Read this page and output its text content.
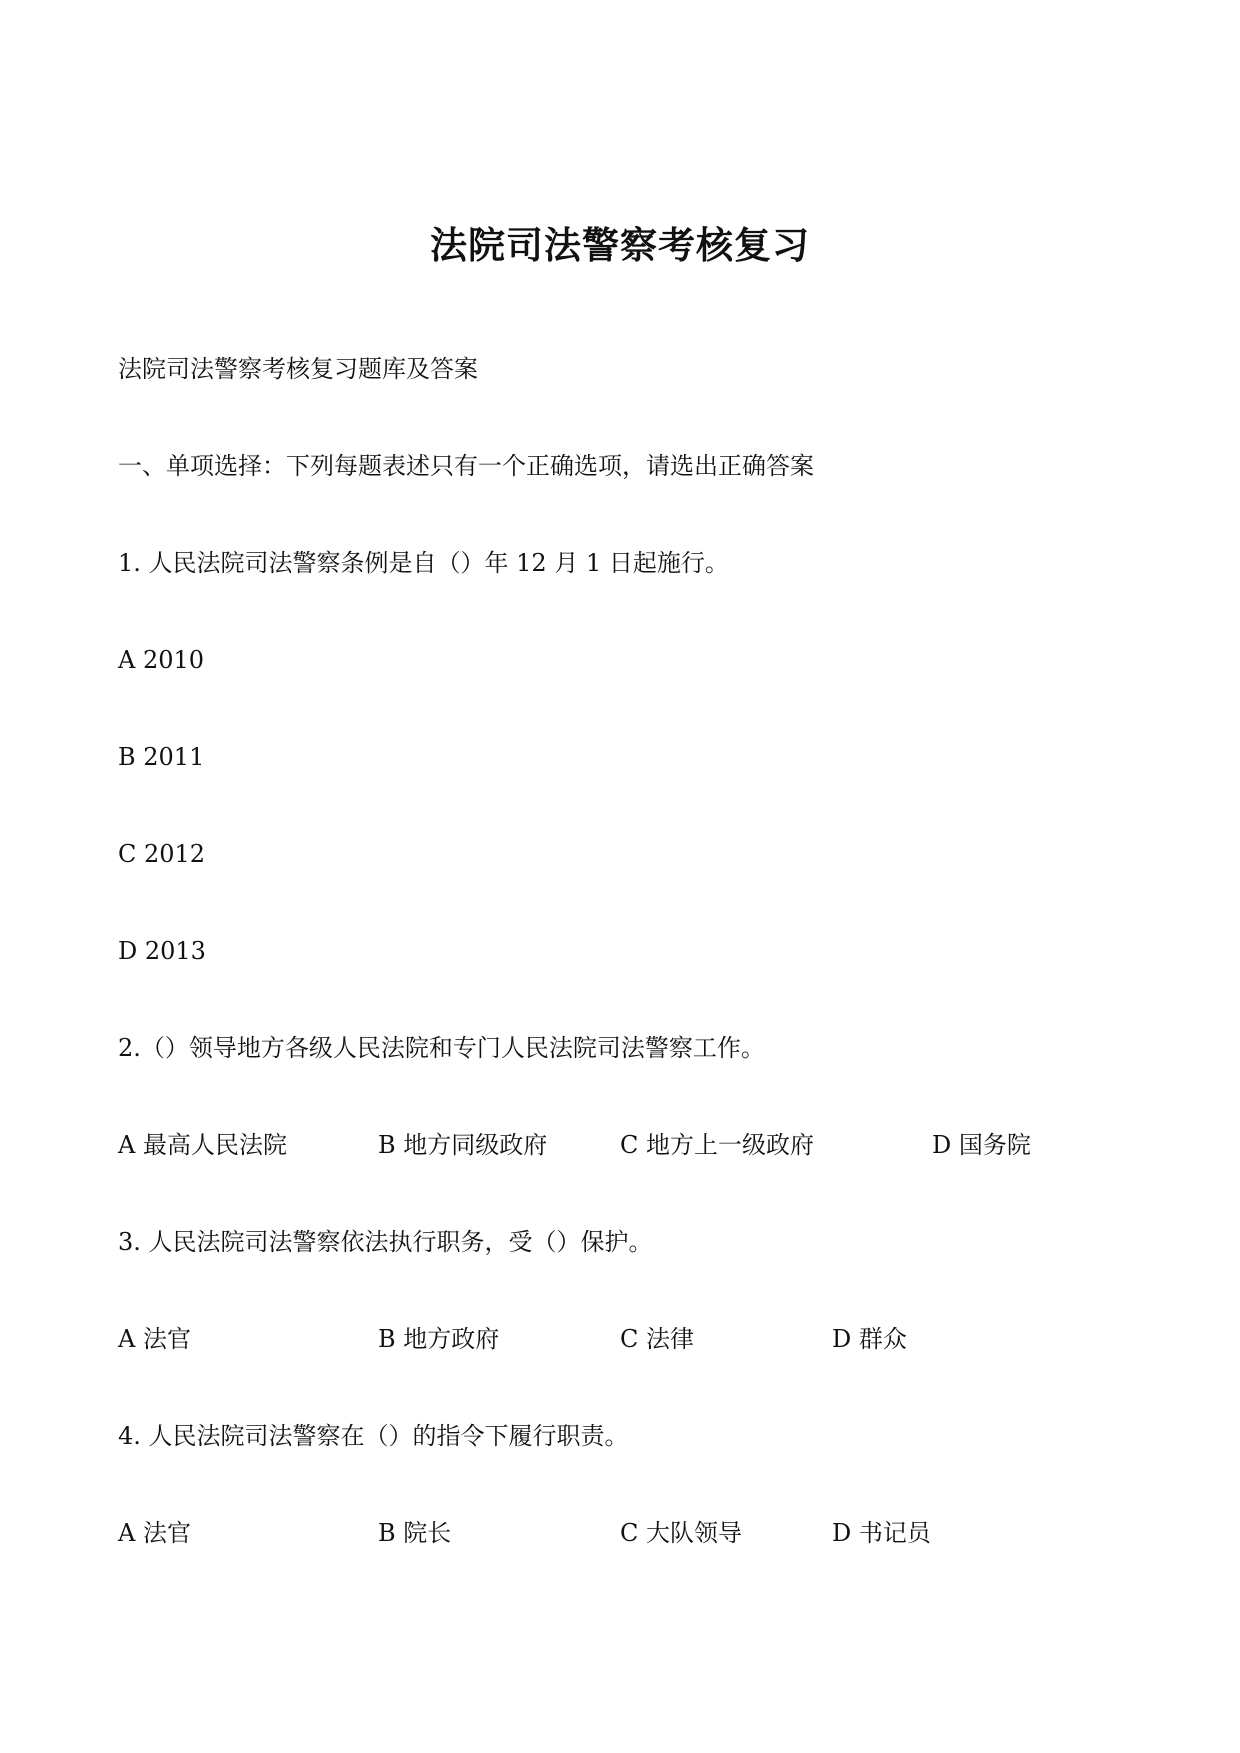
法院司法警察考核复习

法院司法警察考核复习题库及答案

一、单项选择：下列每题表述只有一个正确选项，请选出正确答案

1. 人民法院司法警察条例是自（）年 12 月 1 日起施行。

A 2010

B 2011

C 2012

D 2013

2.（）领导地方各级人民法院和专门人民法院司法警察工作。

A 最高人民法院	B 地方同级政府	C 地方上一级政府	D 国务院

3. 人民法院司法警察依法执行职务，受（）保护。

A 法官	B 地方政府	C 法律	D 群众

4. 人民法院司法警察在（）的指令下履行职责。

A 法官	B 院长	C 大队领导	D 书记员
